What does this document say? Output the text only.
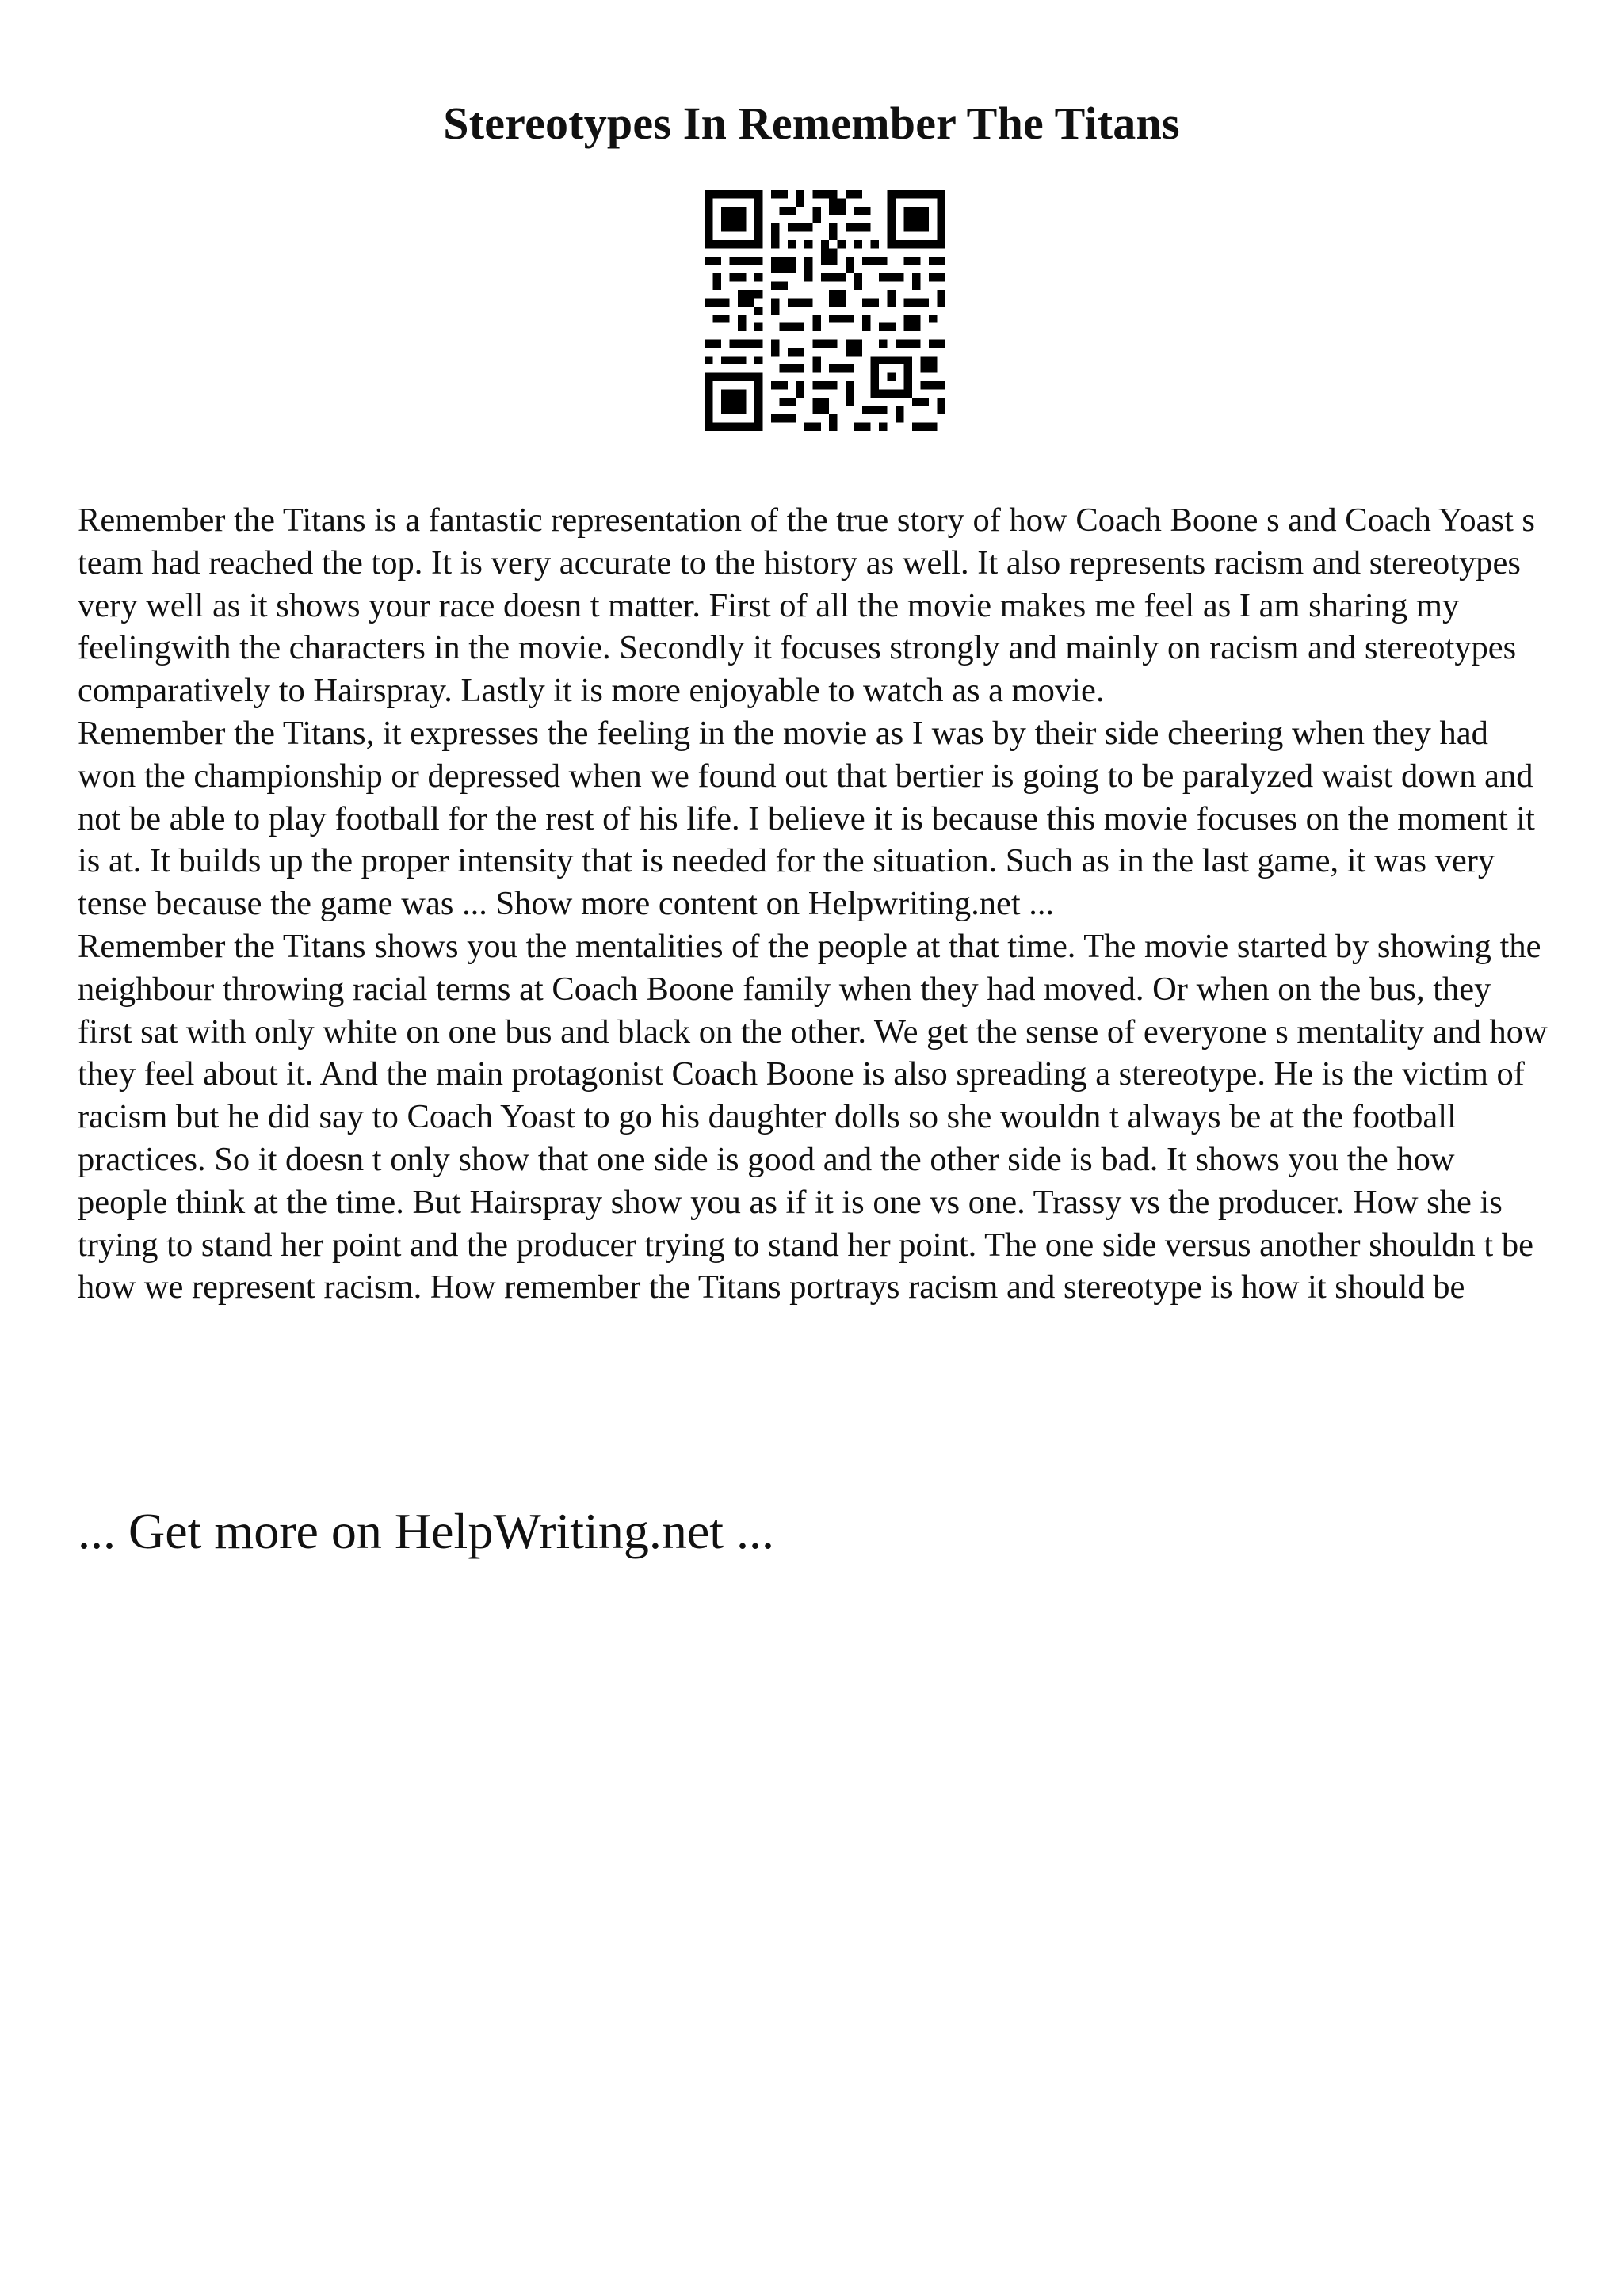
Stereotypes In Remember The Titans

Remember the Titans is a fantastic representation of the true story of how Coach Boone s and Coach Yoast s team had reached the top. It is very accurate to the history as well. It also represents racism and stereotypes very well as it shows your race doesn t matter. First of all the movie makes me feel as I am sharing my feelingwith the characters in the movie. Secondly it focuses strongly and mainly on racism and stereotypes comparatively to Hairspray. Lastly it is more enjoyable to watch as a movie.

Remember the Titans, it expresses the feeling in the movie as I was by their side cheering when they had won the championship or depressed when we found out that bertier is going to be paralyzed waist down and not be able to play football for the rest of his life. I believe it is because this movie focuses on the moment it is at. It builds up the proper intensity that is needed for the situation. Such as in the last game, it was very tense because the game was ... Show more content on Helpwriting.net ...

Remember the Titans shows you the mentalities of the people at that time. The movie started by showing the neighbour throwing racial terms at Coach Boone family when they had moved. Or when on the bus, they first sat with only white on one bus and black on the other. We get the sense of everyone s mentality and how they feel about it. And the main protagonist Coach Boone is also spreading a stereotype. He is the victim of racism but he did say to Coach Yoast to go his daughter dolls so she wouldn t always be at the football practices. So it doesn t only show that one side is good and the other side is bad. It shows you the how people think at the time. But Hairspray show you as if it is one vs one. Trassy vs the producer. How she is trying to stand her point and the producer trying to stand her point. The one side versus another shouldn t be how we represent racism. How remember the Titans portrays racism and stereotype is how it should be

... Get more on HelpWriting.net ...
